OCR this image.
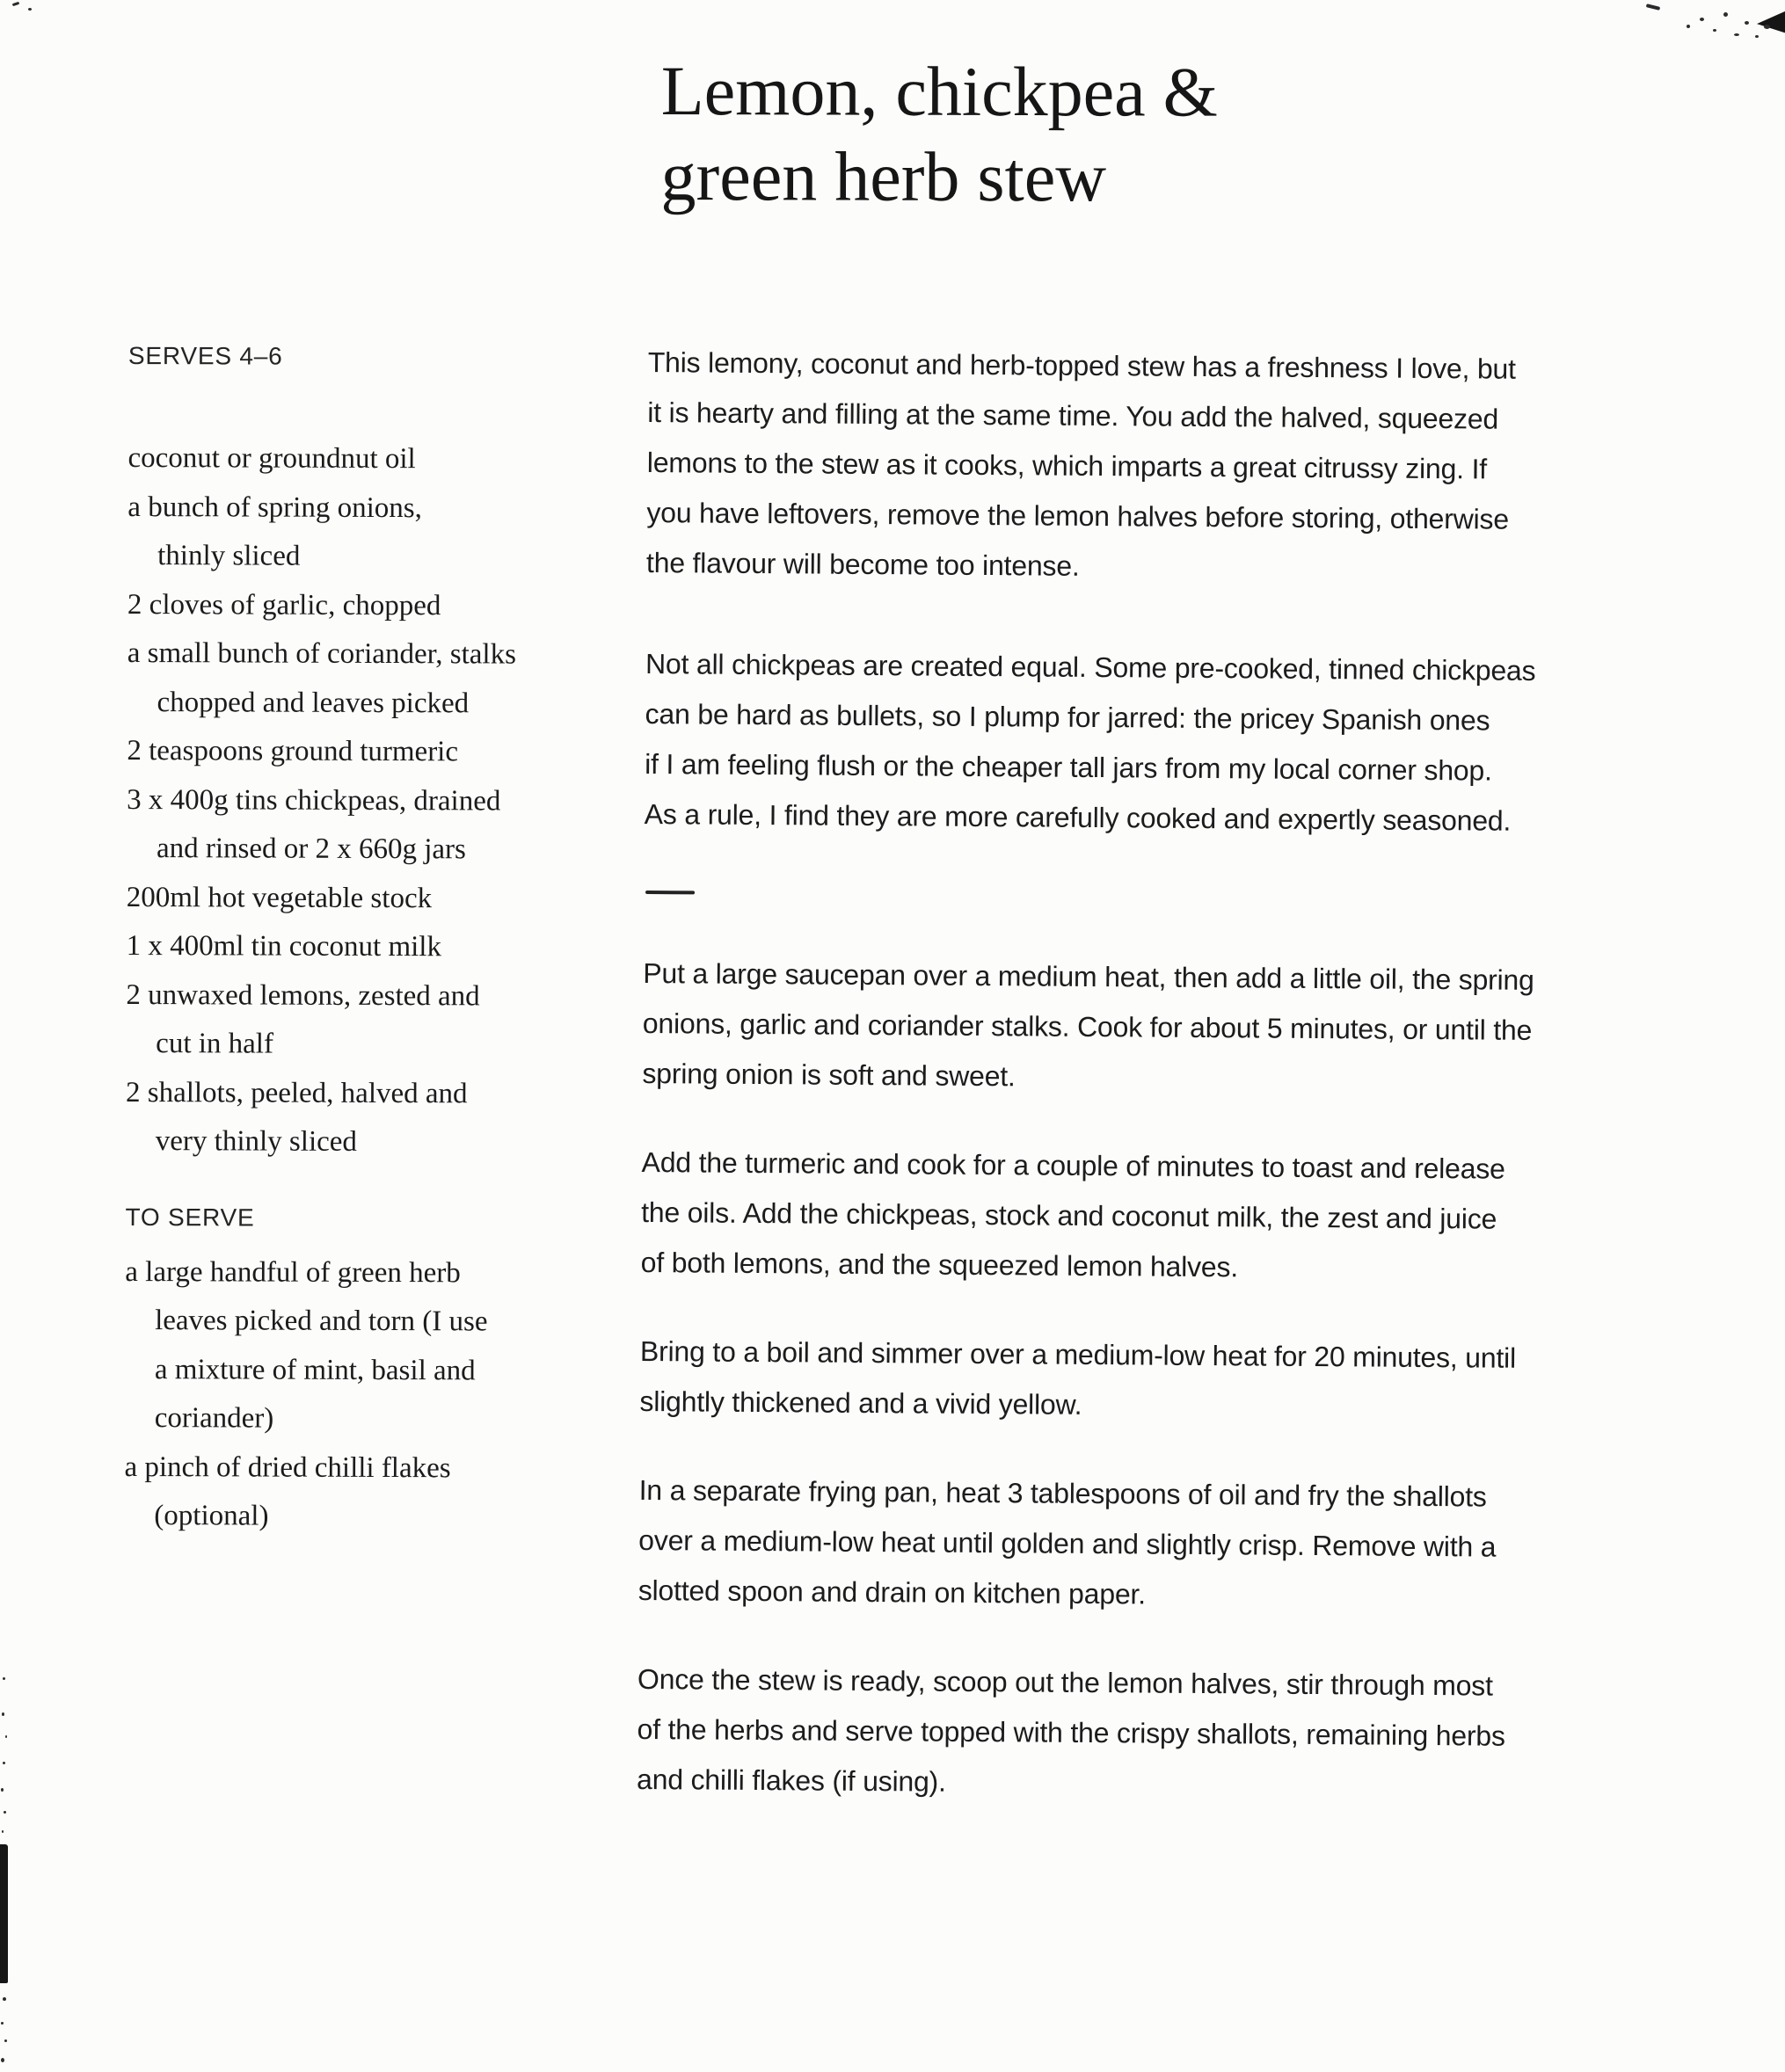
Lemon, chickpea &
green herb stew
SERVES 4–6
coconut or groundnut oil
a bunch of spring onions,
thinly sliced
2 cloves of garlic, chopped
a small bunch of coriander, stalks
chopped and leaves picked
2 teaspoons ground turmeric
3 x 400g tins chickpeas, drained
and rinsed or 2 x 660g jars
200ml hot vegetable stock
1 x 400ml tin coconut milk
2 unwaxed lemons, zested and
cut in half
2 shallots, peeled, halved and
very thinly sliced
TO SERVE
a large handful of green herb
leaves picked and torn (I use
a mixture of mint, basil and
coriander)
a pinch of dried chilli flakes
(optional)
This lemony, coconut and herb-topped stew has a freshness I love, but
it is hearty and filling at the same time. You add the halved, squeezed
lemons to the stew as it cooks, which imparts a great citrussy zing. If
you have leftovers, remove the lemon halves before storing, otherwise
the flavour will become too intense.
Not all chickpeas are created equal. Some pre-cooked, tinned chickpeas
can be hard as bullets, so I plump for jarred: the pricey Spanish ones
if I am feeling flush or the cheaper tall jars from my local corner shop.
As a rule, I find they are more carefully cooked and expertly seasoned.
Put a large saucepan over a medium heat, then add a little oil, the spring
onions, garlic and coriander stalks. Cook for about 5 minutes, or until the
spring onion is soft and sweet.
Add the turmeric and cook for a couple of minutes to toast and release
the oils. Add the chickpeas, stock and coconut milk, the zest and juice
of both lemons, and the squeezed lemon halves.
Bring to a boil and simmer over a medium-low heat for 20 minutes, until
slightly thickened and a vivid yellow.
In a separate frying pan, heat 3 tablespoons of oil and fry the shallots
over a medium-low heat until golden and slightly crisp. Remove with a
slotted spoon and drain on kitchen paper.
Once the stew is ready, scoop out the lemon halves, stir through most
of the herbs and serve topped with the crispy shallots, remaining herbs
and chilli flakes (if using).
